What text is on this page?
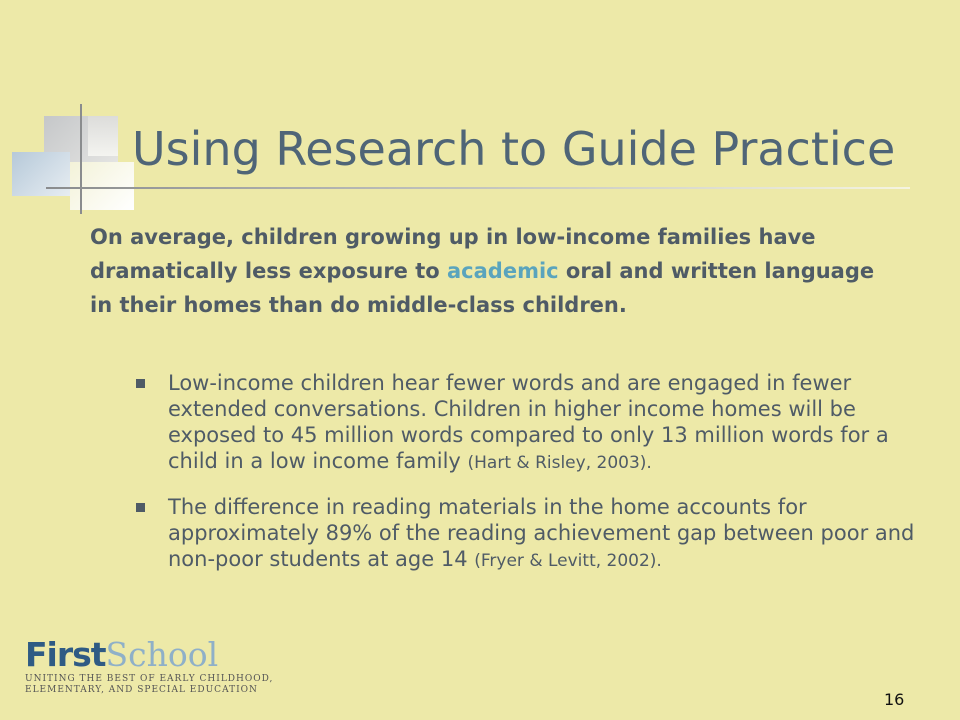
Using Research to Guide Practice

On average, children growing up in low-income families have dramatically less exposure to academic oral and written language in their homes than do middle-class children.

Low-income children hear fewer words and are engaged in fewer extended conversations. Children in higher income homes will be exposed to 45 million words compared to only 13 million words for a child in a low income family (Hart & Risley, 2003).
The difference in reading materials in the home accounts for approximately 89% of the reading achievement gap between poor and non-poor students at age 14 (Fryer & Levitt, 2002).
FirstSchool
UNITING THE BEST OF EARLY CHILDHOOD,
ELEMENTARY, AND SPECIAL EDUCATION	16
